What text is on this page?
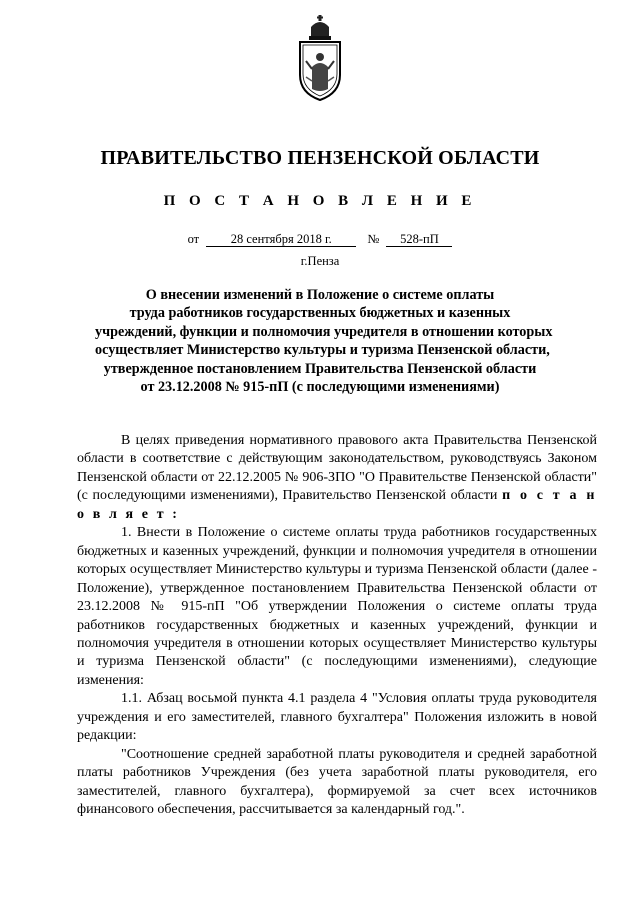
ПРАВИТЕЛЬСТВО ПЕНЗЕНСКОЙ ОБЛАСТИ
П О С Т А Н О В Л Е Н И Е
от	28 сентября 2018 г.	№ 528-пП
г.Пенза
О внесении изменений в Положение о системе оплаты
труда работников государственных бюджетных и казенных
учреждений, функции и полномочия учредителя в отношении которых
осуществляет Министерство культуры и туризма Пензенской области,
утвержденное постановлением Правительства Пензенской области
от 23.12.2008 № 915-пП (с последующими изменениями)

В целях приведения нормативного правового акта Правительства Пензенской области в соответствие с действующим законодательством, руководствуясь Законом Пензенской области от 22.12.2005 № 906-ЗПО "О Правительстве Пензенской области" (с последующими изменениями), Правительство Пензенской области п о с т а н о в л я е т :

1. Внести в Положение о системе оплаты труда работников государственных бюджетных и казенных учреждений, функции и полномочия учредителя в отношении которых осуществляет Министерство культуры и туризма Пензенской области (далее - Положение), утвержденное постановлением Правительства Пензенской области от 23.12.2008 № 915-пП "Об утверждении Положения о системе оплаты труда работников государственных бюджетных и казенных учреждений, функции и полномочия учредителя в отношении которых осуществляет Министерство культуры и туризма Пензенской области" (с последующими изменениями), следующие изменения:

1.1. Абзац восьмой пункта 4.1 раздела 4 "Условия оплаты труда руководителя учреждения и его заместителей, главного бухгалтера" Положения изложить в новой редакции:

"Соотношение средней заработной платы руководителя и средней заработной платы работников Учреждения (без учета заработной платы руководителя, его заместителей, главного бухгалтера), формируемой за счет всех источников финансового обеспечения, рассчитывается за календарный год.".
